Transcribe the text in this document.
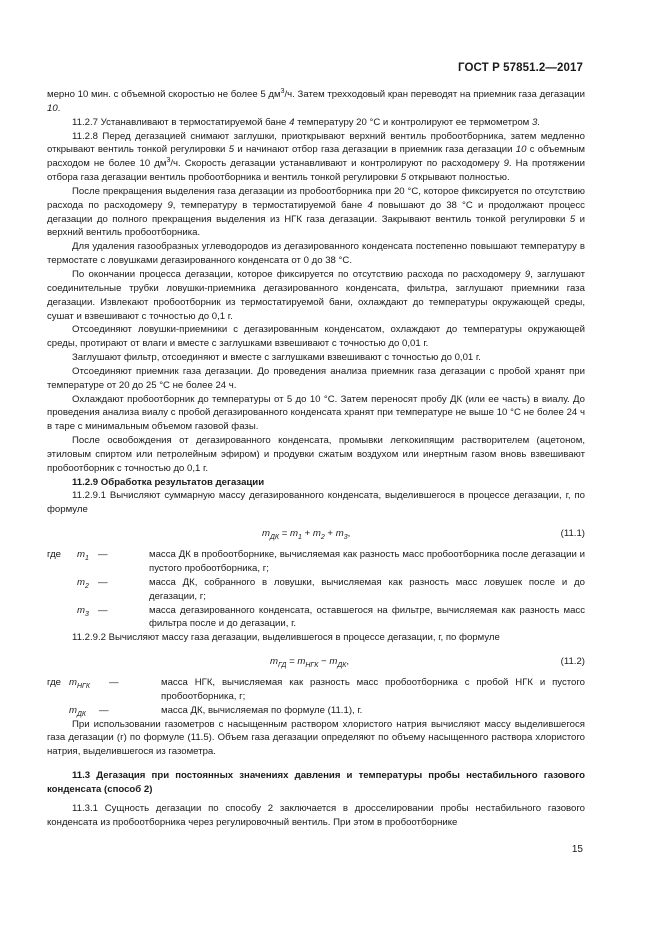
ГОСТ Р 57851.2—2017

мерно 10 мин. с объемной скоростью не более 5 $дм^3/ч$. Затем трехходовый кран переводят на приемник газа дегазации 10.

11.2.7 Устанавливают в термостатируемой бане 4 температуру 20 °С и контролируют ее термометром 3.

11.2.8 Перед дегазацией снимают заглушки, приоткрывают верхний вентиль пробоотборника, затем медленно открывают вентиль тонкой регулировки 5 и начинают отбор газа дегазации в приемник газа дегазации 10 с объемным расходом не более 10 $дм^3/ч$. Скорость дегазации устанавливают и контролируют по расходомеру 9. На протяжении отбора газа дегазации вентиль пробоотборника и вентиль тонкой регулировки 5 открывают полностью.

После прекращения выделения газа дегазации из пробоотборника при 20 °С, которое фиксируется по отсутствию расхода по расходомеру 9, температуру в термостатируемой бане 4 повышают до 38 °С и продолжают процесс дегазации до полного прекращения выделения из НГК газа дегазации. Закрывают вентиль тонкой регулировки 5 и верхний вентиль пробоотборника.

Для удаления газообразных углеводородов из дегазированного конденсата постепенно повышают температуру в термостате с ловушками дегазированного конденсата от 0 до 38 °С.

По окончании процесса дегазации, которое фиксируется по отсутствию расхода по расходомеру 9, заглушают соединительные трубки ловушки-приемника дегазированного конденсата, фильтра, заглушают приемники газа дегазации. Извлекают пробоотборник из термостатируемой бани, охлаждают до температуры окружающей среды, сушат и взвешивают с точностью до 0,1 г.

Отсоединяют ловушки-приемники с дегазированным конденсатом, охлаждают до температуры окружающей среды, протирают от влаги и вместе с заглушками взвешивают с точностью до 0,01 г.

Заглушают фильтр, отсоединяют и вместе с заглушками взвешивают с точностью до 0,01 г.

Отсоединяют приемник газа дегазации. До проведения анализа приемник газа дегазации с пробой хранят при температуре от 20 до 25 °С не более 24 ч.

Охлаждают пробоотборник до температуры от 5 до 10 °С. Затем переносят пробу ДК (или ее часть) в виалу. До проведения анализа виалу с пробой дегазированного конденсата хранят при температуре не выше 10 °С не более 24 ч в таре с минимальным объемом газовой фазы.

После освобождения от дегазированного конденсата, промывки легкокипящим растворителем (ацетоном, этиловым спиртом или петролейным эфиром) и продувки сжатым воздухом или инертным газом вновь взвешивают пробоотборник с точностью до 0,1 г.

11.2.9 Обработка результатов дегазации

11.2.9.1 Вычисляют суммарную массу дегазированного конденсата, выделившегося в процессе дегазации, г, по формуле

$m_{ДК} = m_1 + m_2 + m_3$,	(11.1)
где $m_1$ —	масса ДК в пробоотборнике, вычисляемая как разность масс пробоотборника после дегазации и пустого пробоотборника, г;
$m_2$ —	масса ДК, собранного в ловушки, вычисляемая как разность масс ловушек после и до дегазации, г;
$m_3$ —	масса дегазированного конденсата, оставшегося на фильтре, вычисляемая как разность масс фильтра после и до дегазации, г.

11.2.9.2 Вычисляют массу газа дегазации, выделившегося в процессе дегазации, г, по формуле

$m_{ГД} = m_{НГК} - m_{ДК}$,	(11.2)
где $m_{НГК}$ —	масса НГК, вычисляемая как разность масс пробоотборника с пробой НГК и пустого пробоотборника, г;
$m_{ДК}$ —	масса ДК, вычисляемая по формуле (11.1), г.

При использовании газометров с насыщенным раствором хлористого натрия вычисляют массу выделившегося газа дегазации (г) по формуле (11.5). Объем газа дегазации определяют по объему насыщенного раствора хлористого натрия, выделившегося из газометра.

11.3 Дегазация при постоянных значениях давления и температуры пробы нестабильного газового конденсата (способ 2)

11.3.1 Сущность дегазации по способу 2 заключается в дросселировании пробы нестабильного газового конденсата из пробоотборника через регулировочный вентиль. При этом в пробоотборнике

15
